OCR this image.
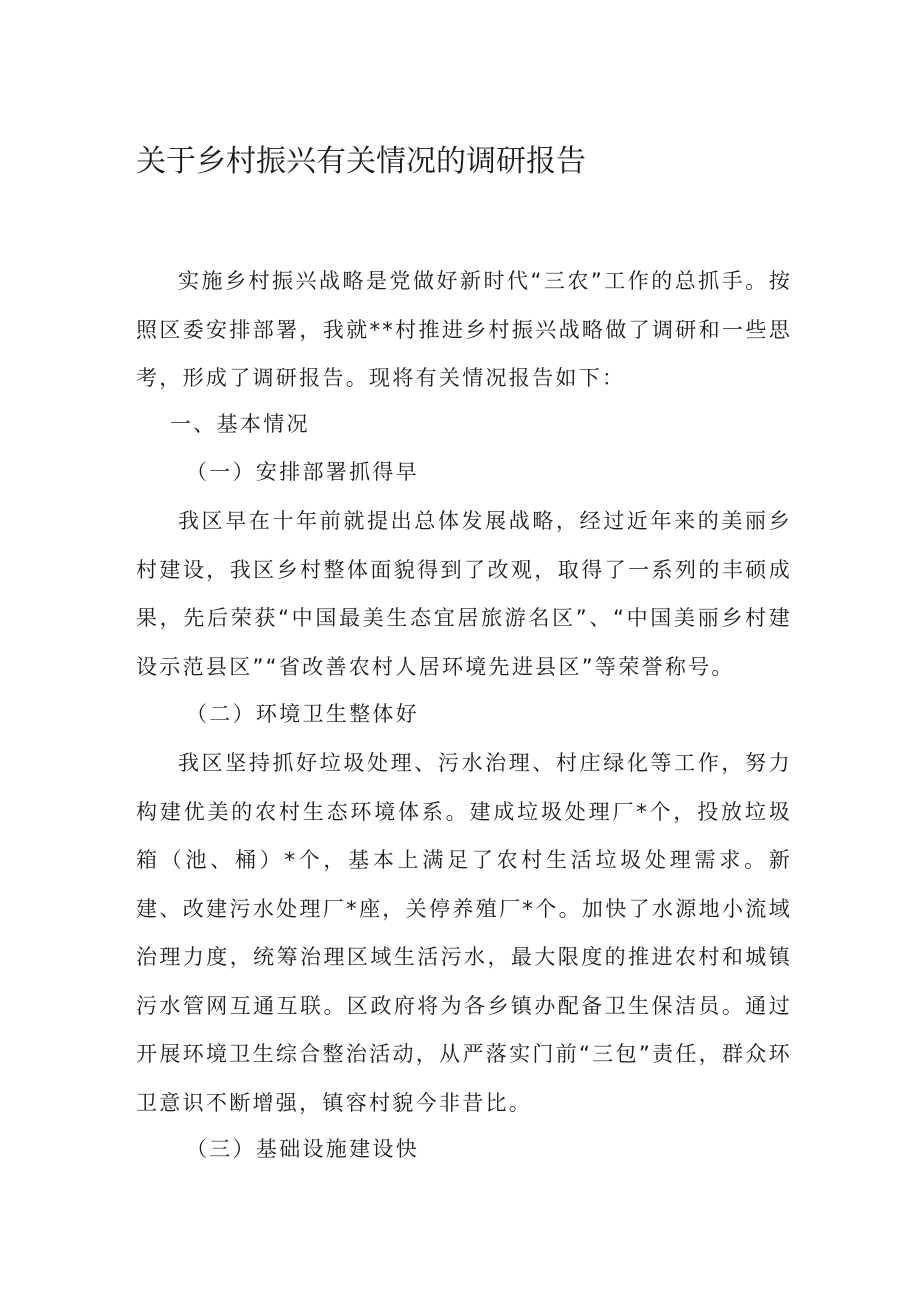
关于乡村振兴有关情况的调研报告

实施乡村振兴战略是党做好新时代“三农”工作的总抓手。按照区委安排部署，我就**村推进乡村振兴战略做了调研和一些思考，形成了调研报告。现将有关情况报告如下：

一、基本情况
（一）安排部署抓得早

我区早在十年前就提出总体发展战略，经过近年来的美丽乡村建设，我区乡村整体面貌得到了改观，取得了一系列的丰硕成果，先后荣获“中国最美生态宜居旅游名区”、“中国美丽乡村建设示范县区”“省改善农村人居环境先进县区”等荣誉称号。

（二）环境卫生整体好

我区坚持抓好垃圾处理、污水治理、村庄绿化等工作，努力构建优美的农村生态环境体系。建成垃圾处理厂*个，投放垃圾箱（池、桶）*个，基本上满足了农村生活垃圾处理需求。新建、改建污水处理厂*座，关停养殖厂*个。加快了水源地小流域治理力度，统筹治理区域生活污水，最大限度的推进农村和城镇污水管网互通互联。区政府将为各乡镇办配备卫生保洁员。通过开展环境卫生综合整治活动，从严落实门前“三包”责任，群众环卫意识不断增强，镇容村貌今非昔比。

（三）基础设施建设快
